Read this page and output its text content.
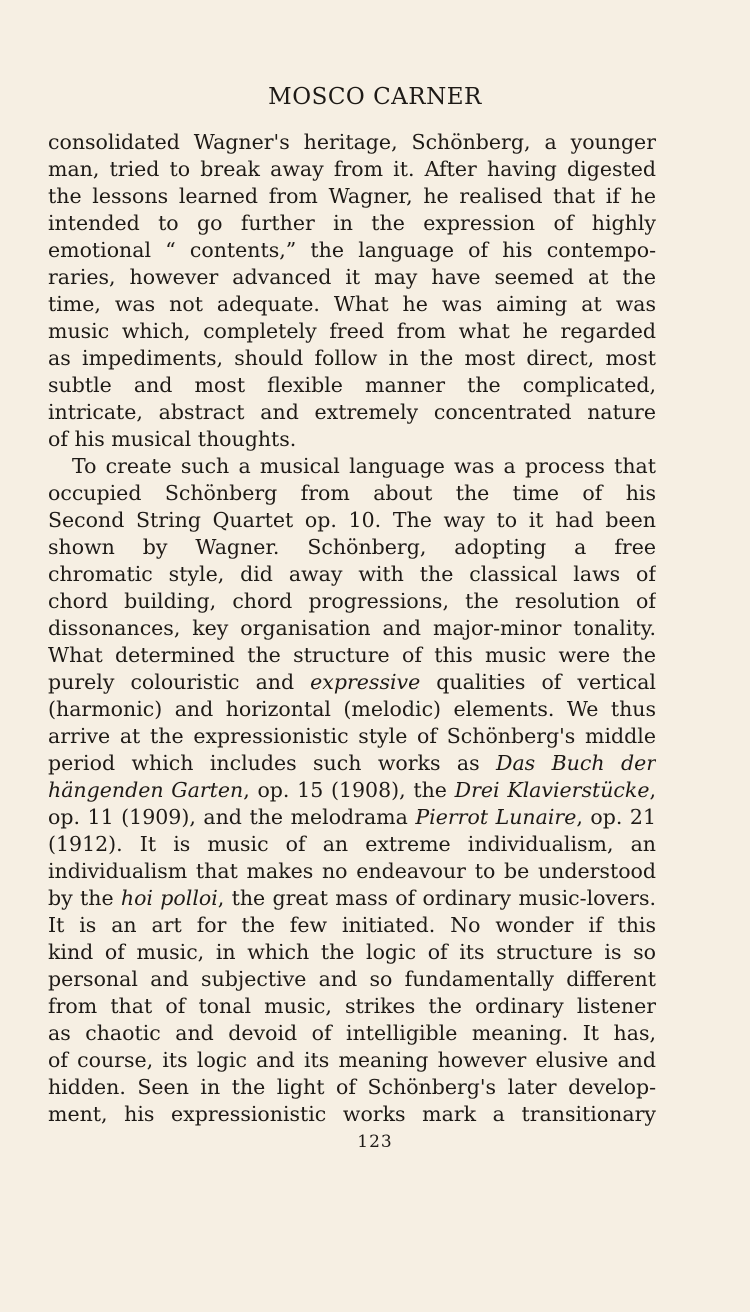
MOSCO CARNER
consolidated Wagner's heritage, Schönberg, a younger
man, tried to break away from it. After having digested
the lessons learned from Wagner, he realised that if he
intended to go further in the expression of highly
emotional “ contents,” the language of his contempo-
raries, however advanced it may have seemed at the
time, was not adequate. What he was aiming at was
music which, completely freed from what he regarded
as impediments, should follow in the most direct, most
subtle and most flexible manner the complicated,
intricate, abstract and extremely concentrated nature
of his musical thoughts.
To create such a musical language was a process that
occupied Schönberg from about the time of his
Second String Quartet op. 10. The way to it had been
shown by Wagner. Schönberg, adopting a free
chromatic style, did away with the classical laws of
chord building, chord progressions, the resolution of
dissonances, key organisation and major-minor tonality.
What determined the structure of this music were the
purely colouristic and expressive qualities of vertical
(harmonic) and horizontal (melodic) elements. We thus
arrive at the expressionistic style of Schönberg's middle
period which includes such works as Das Buch der
hängenden Garten, op. 15 (1908), the Drei Klavierstücke,
op. 11 (1909), and the melodrama Pierrot Lunaire, op. 21
(1912). It is music of an extreme individualism, an
individualism that makes no endeavour to be understood
by the hoi polloi, the great mass of ordinary music-lovers.
It is an art for the few initiated. No wonder if this
kind of music, in which the logic of its structure is so
personal and subjective and so fundamentally different
from that of tonal music, strikes the ordinary listener
as chaotic and devoid of intelligible meaning. It has,
of course, its logic and its meaning however elusive and
hidden. Seen in the light of Schönberg's later develop-
ment, his expressionistic works mark a transitionary
123
